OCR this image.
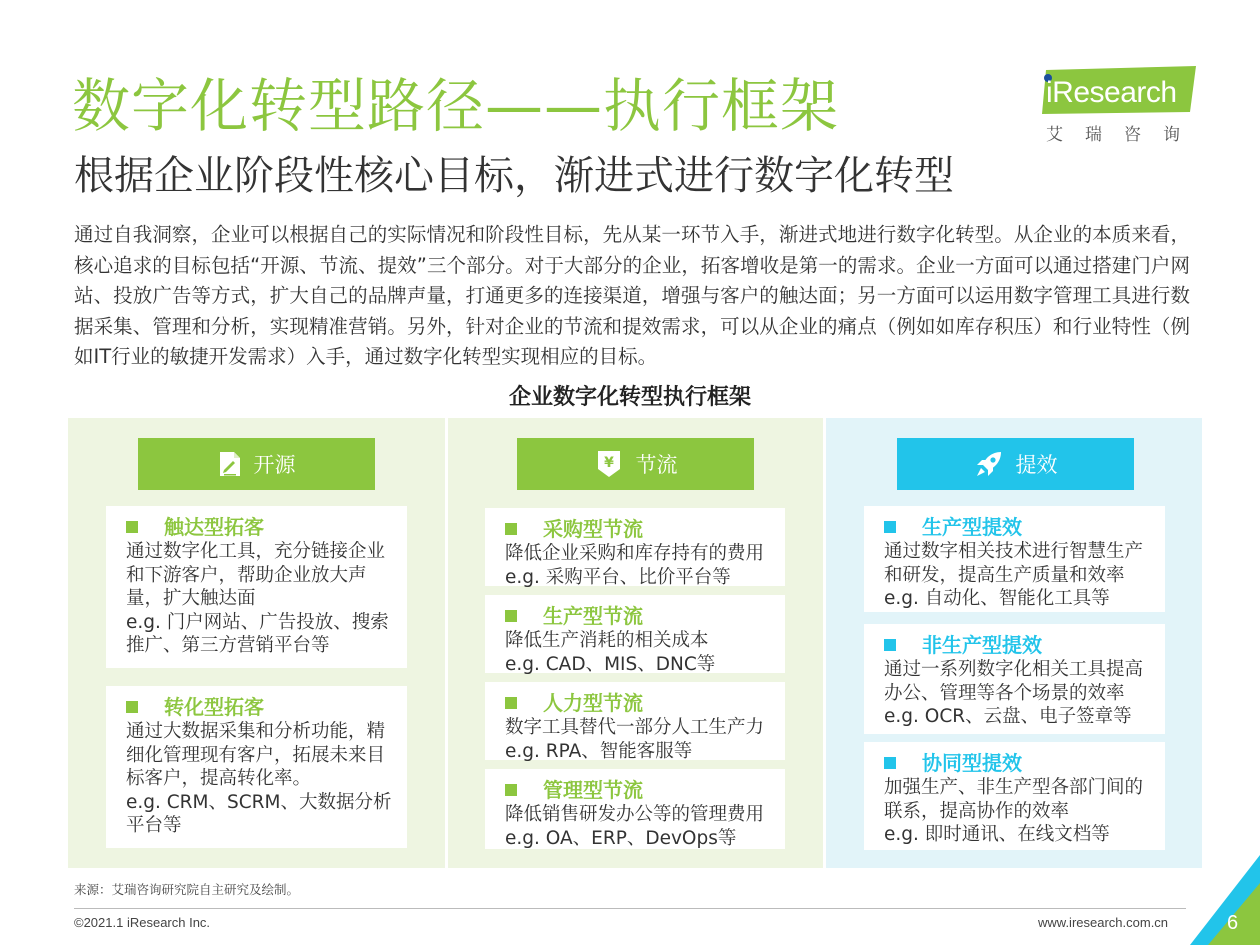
数字化转型路径——执行框架
根据企业阶段性核心目标，渐进式进行数字化转型
iResearch
艾瑞咨询
通过自我洞察，企业可以根据自己的实际情况和阶段性目标，先从某一环节入手，渐进式地进行数字化转型。从企业的本质来看，核心追求的目标包括“开源、节流、提效”三个部分。对于大部分的企业，拓客增收是第一的需求。企业一方面可以通过搭建门户网站、投放广告等方式，扩大自己的品牌声量，打通更多的连接渠道，增强与客户的触达面；另一方面可以运用数字管理工具进行数据采集、管理和分析，实现精准营销。另外，针对企业的节流和提效需求，可以从企业的痛点（例如如库存积压）和行业特性（例如IT行业的敏捷开发需求）入手，通过数字化转型实现相应的目标。
企业数字化转型执行框架
开源
触达型拓客
通过数字化工具，充分链接企业和下游客户，帮助企业放大声量，扩大触达面
e.g. 门户网站、广告投放、搜索推广、第三方营销平台等
转化型拓客
通过大数据采集和分析功能，精细化管理现有客户，拓展未来目标客户，提高转化率。
e.g. CRM、SCRM、大数据分析平台等
¥ 节流
采购型节流
降低企业采购和库存持有的费用
e.g. 采购平台、比价平台等
生产型节流
降低生产消耗的相关成本
e.g. CAD、MIS、DNC等
人力型节流
数字工具替代一部分人工生产力
e.g. RPA、智能客服等
管理型节流
降低销售研发办公等的管理费用
e.g. OA、ERP、DevOps等
提效
生产型提效
通过数字相关技术进行智慧生产和研发，提高生产质量和效率
e.g. 自动化、智能化工具等
非生产型提效
通过一系列数字化相关工具提高办公、管理等各个场景的效率
e.g. OCR、云盘、电子签章等
协同型提效
加强生产、非生产型各部门间的联系，提高协作的效率
e.g. 即时通讯、在线文档等
来源：艾瑞咨询研究院自主研究及绘制。
©2021.1 iResearch Inc.	www.iresearch.com.cn	6
